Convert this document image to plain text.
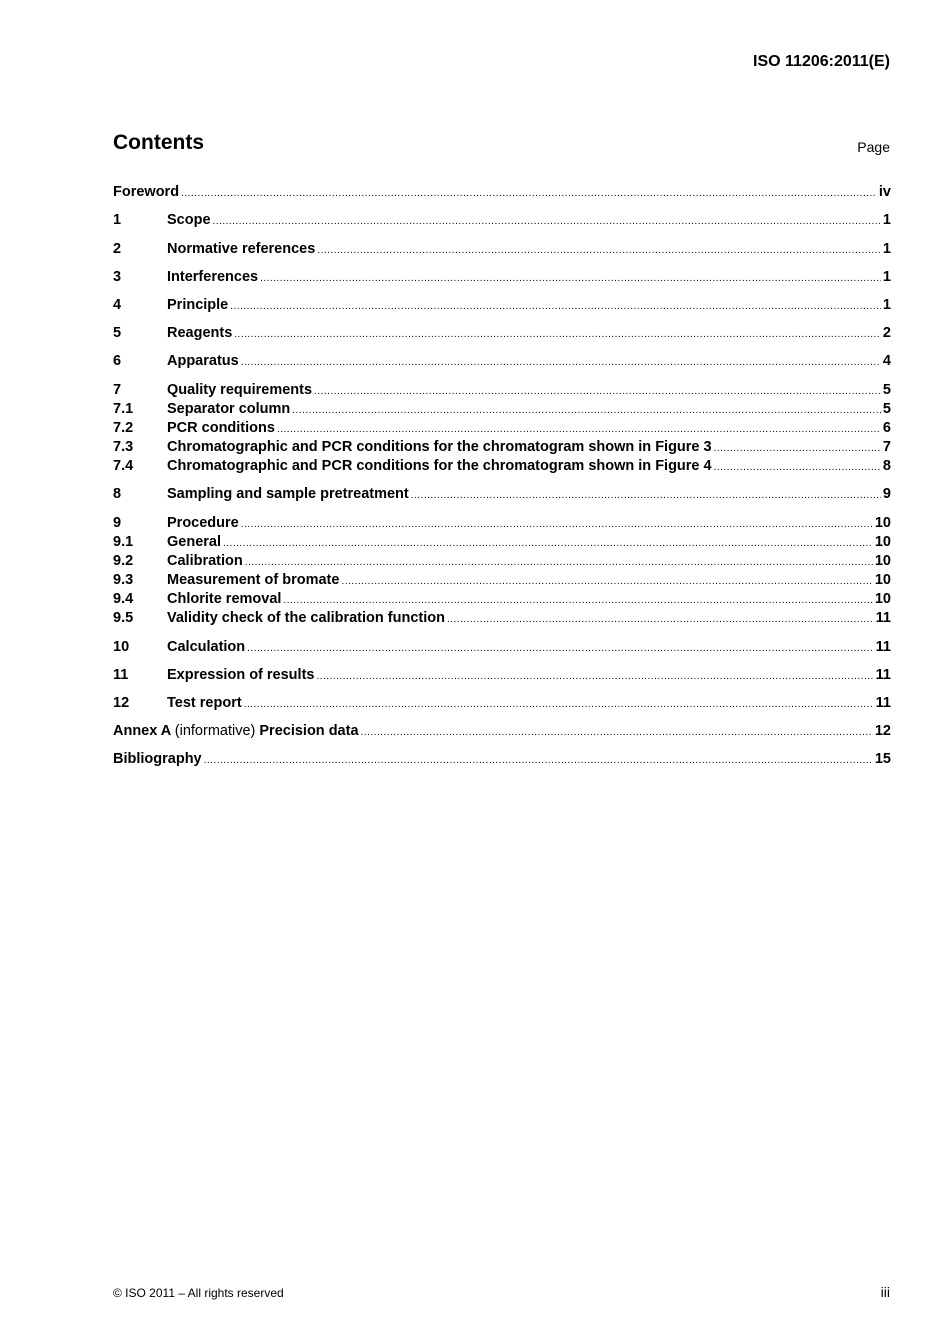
ISO 11206:2011(E)
Contents	Page
Foreword .....	iv
1	Scope .....	1
2	Normative references .....	1
3	Interferences .....	1
4	Principle .....	1
5	Reagents .....	2
6	Apparatus .....	4
7	Quality requirements .....	5
7.1	Separator column .....	5
7.2	PCR conditions .....	6
7.3	Chromatographic and PCR conditions for the chromatogram shown in Figure 3 .....	7
7.4	Chromatographic and PCR conditions for the chromatogram shown in Figure 4 .....	8
8	Sampling and sample pretreatment .....	9
9	Procedure .....	10
9.1	General .....	10
9.2	Calibration .....	10
9.3	Measurement of bromate .....	10
9.4	Chlorite removal .....	10
9.5	Validity check of the calibration function .....	11
10	Calculation .....	11
11	Expression of results .....	11
12	Test report .....	11
Annex A (informative) Precision data .....	12
Bibliography .....	15
© ISO 2011 – All rights reserved	iii
